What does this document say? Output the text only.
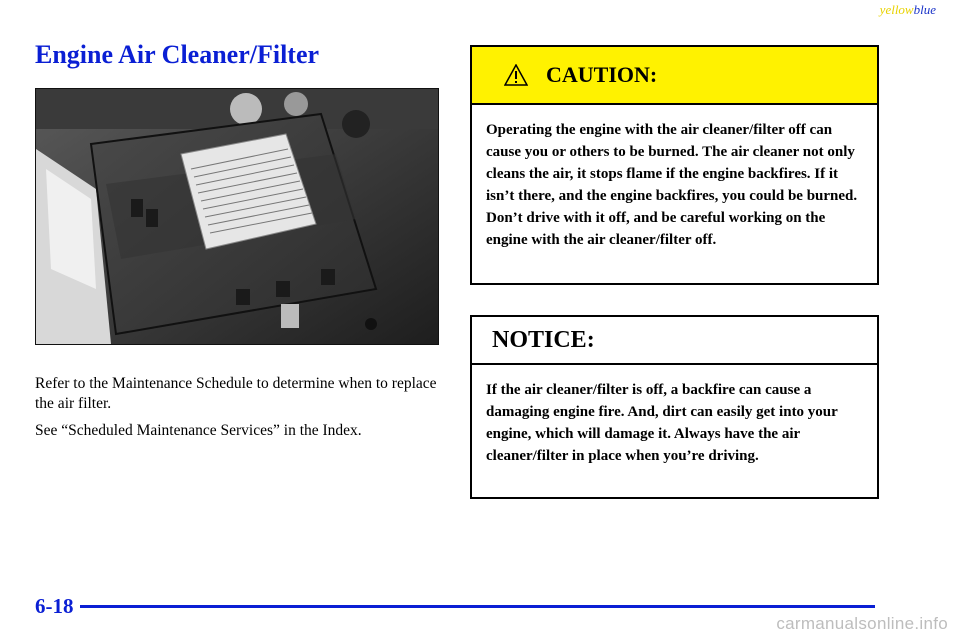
yellowblue
Engine Air Cleaner/Filter

Refer to the Maintenance Schedule to determine when to replace the air filter.

See “Scheduled Maintenance Services” in the Index.

CAUTION:

Operating the engine with the air cleaner/filter off can cause you or others to be burned. The air cleaner not only cleans the air, it stops flame if the engine backfires. If it isn’t there, and the engine backfires, you could be burned. Don’t drive with it off, and be careful working on the engine with the air cleaner/filter off.

NOTICE:

If the air cleaner/filter is off, a backfire can cause a damaging engine fire. And, dirt can easily get into your engine, which will damage it. Always have the air cleaner/filter in place when you’re driving.

6-18
carmanualsonline.info
